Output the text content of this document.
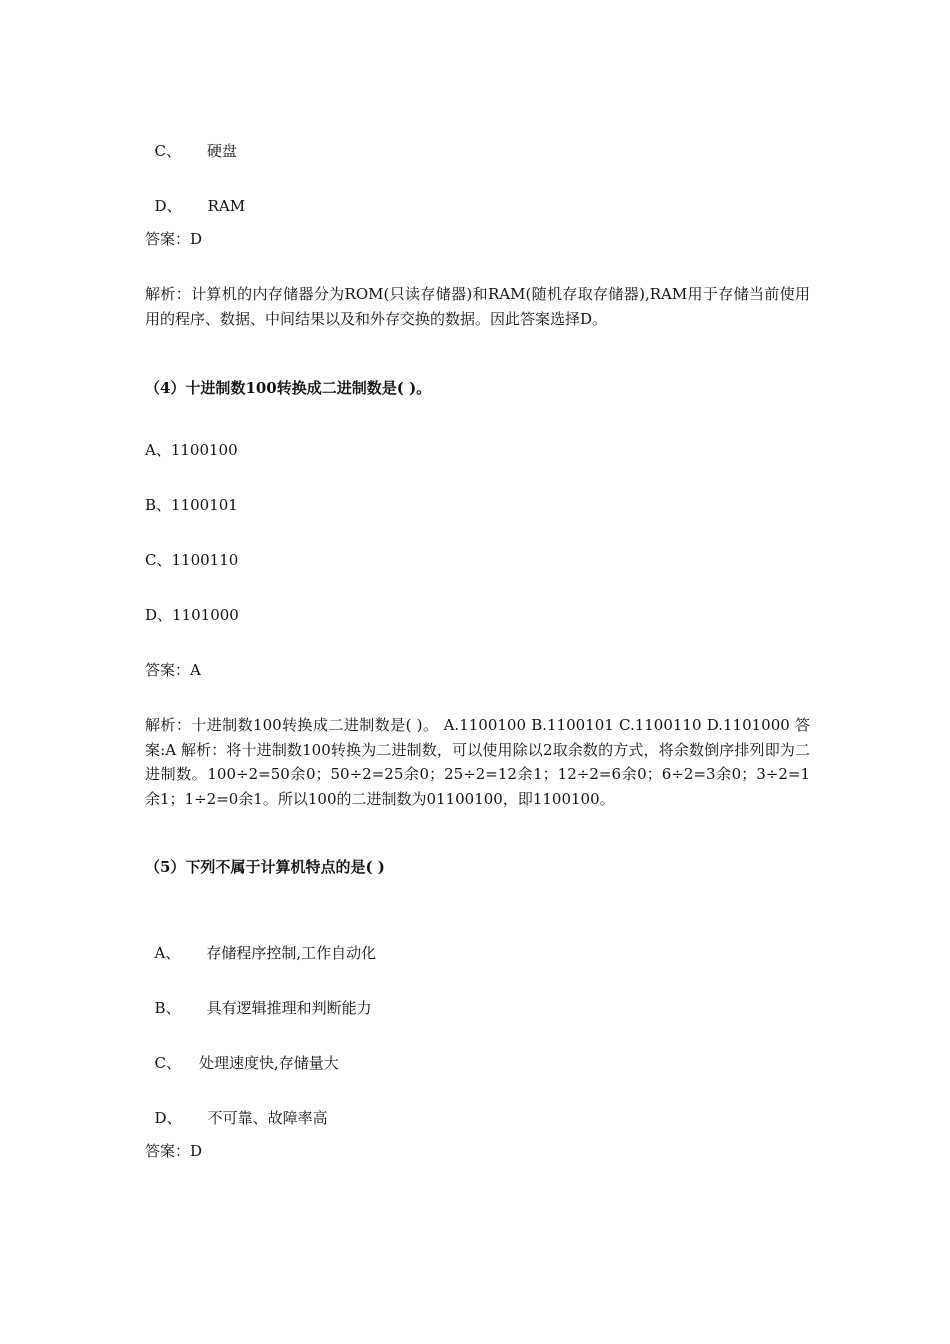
C、 硬盘

D、 RAM

答案：D
解析：计算机的内存储器分为ROM(只读存储器)和RAM(随机存取存储器),RAM用于存储当前使用用的程序、数据、中间结果以及和外存交换的数据。因此答案选择D。
（4）十进制数100转换成二进制数是( )。
A、1100100
B、1100101
C、1100110
D、1101000
答案：A
解析：十进制数100转换成二进制数是( )。 A.1100100 B.1100101 C.1100110 D.1101000 答案:A 解析：将十进制数100转换为二进制数，可以使用除以2取余数的方式，将余数倒序排列即为二进制数。100÷2=50余0；50÷2=25余0；25÷2=12余1；12÷2=6余0；6÷2=3余0；3÷2=1余1；1÷2=0余1。所以100的二进制数为01100100，即1100100。
（5）下列不属于计算机特点的是( )

A、 存储程序控制,工作自动化

B、 具有逻辑推理和判断能力

C、 处理速度快,存储量大

D、 不可靠、故障率高

答案：D
